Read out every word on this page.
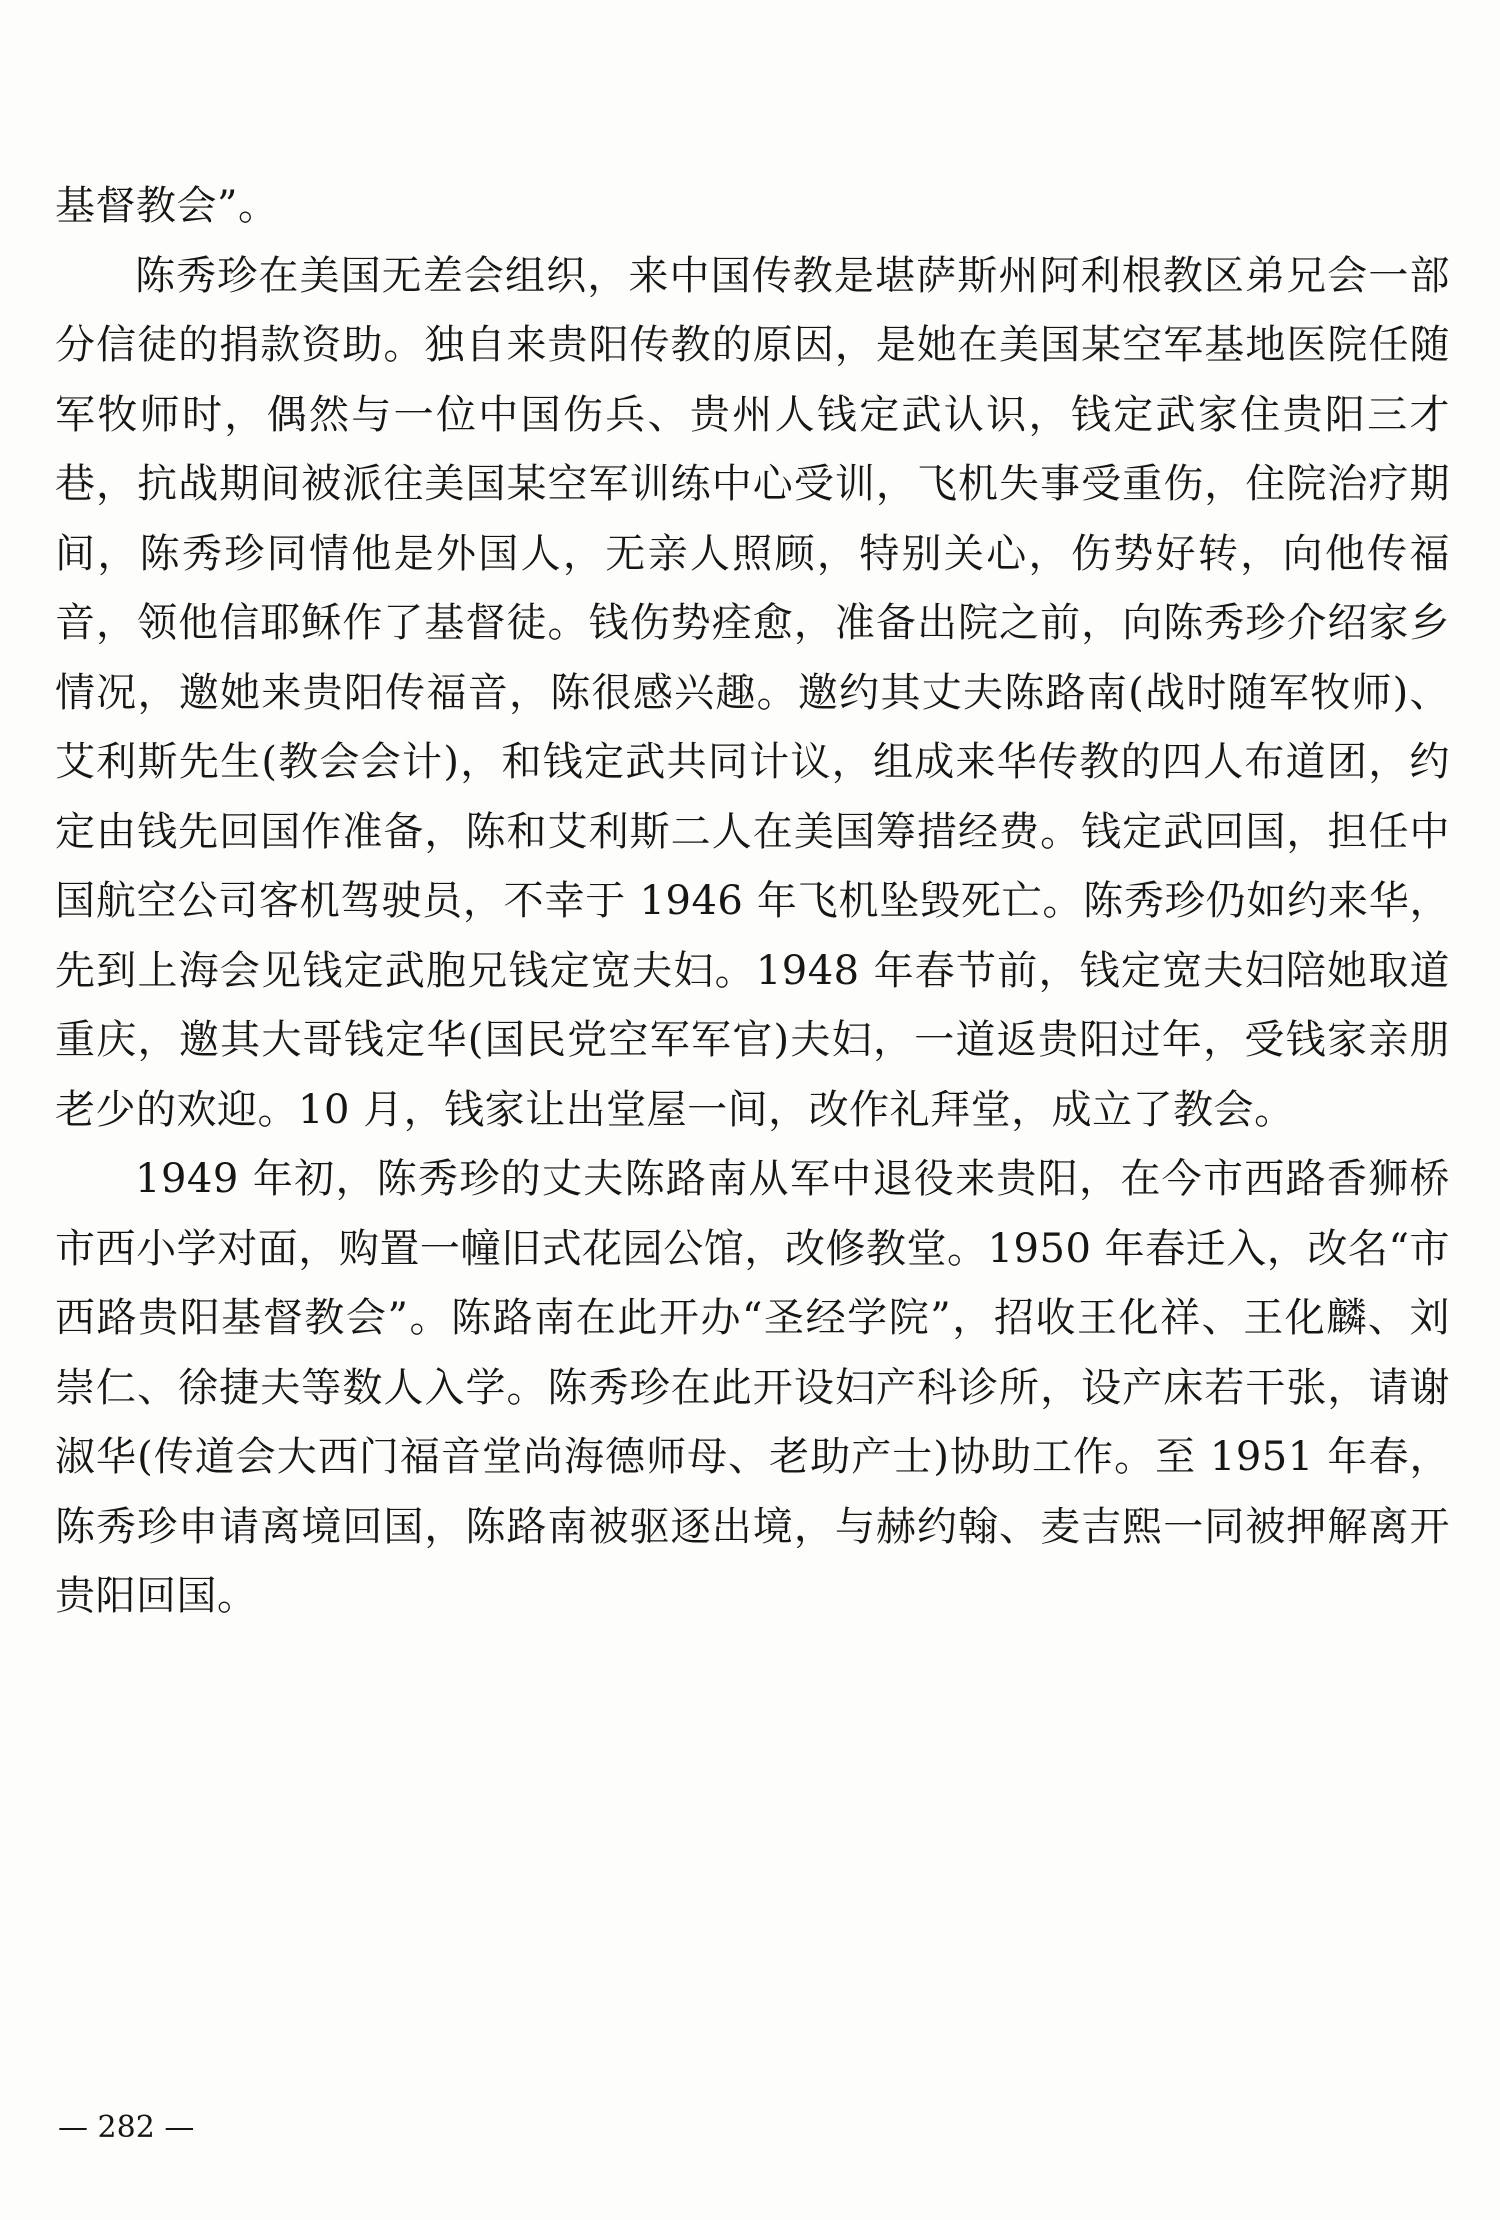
基督教会”。

陈秀珍在美国无差会组织，来中国传教是堪萨斯州阿利根教区弟兄会一部分信徒的捐款资助。独自来贵阳传教的原因，是她在美国某空军基地医院任随军牧师时，偶然与一位中国伤兵、贵州人钱定武认识，钱定武家住贵阳三才巷，抗战期间被派往美国某空军训练中心受训，飞机失事受重伤，住院治疗期间，陈秀珍同情他是外国人，无亲人照顾，特别关心，伤势好转，向他传福音，领他信耶稣作了基督徒。钱伤势痊愈，准备出院之前，向陈秀珍介绍家乡情况，邀她来贵阳传福音，陈很感兴趣。邀约其丈夫陈路南(战时随军牧师)、艾利斯先生(教会会计)，和钱定武共同计议，组成来华传教的四人布道团，约定由钱先回国作准备，陈和艾利斯二人在美国筹措经费。钱定武回国，担任中国航空公司客机驾驶员，不幸于 1946 年飞机坠毁死亡。陈秀珍仍如约来华，先到上海会见钱定武胞兄钱定宽夫妇。1948 年春节前，钱定宽夫妇陪她取道重庆，邀其大哥钱定华(国民党空军军官)夫妇，一道返贵阳过年，受钱家亲朋老少的欢迎。10 月，钱家让出堂屋一间，改作礼拜堂，成立了教会。

1949 年初，陈秀珍的丈夫陈路南从军中退役来贵阳，在今市西路香狮桥市西小学对面，购置一幢旧式花园公馆，改修教堂。1950 年春迁入，改名“市西路贵阳基督教会”。陈路南在此开办“圣经学院”，招收王化祥、王化麟、刘崇仁、徐捷夫等数人入学。陈秀珍在此开设妇产科诊所，设产床若干张，请谢淑华(传道会大西门福音堂尚海德师母、老助产士)协助工作。至 1951 年春，陈秀珍申请离境回国，陈路南被驱逐出境，与赫约翰、麦吉熙一同被押解离开贵阳回国。

— 282 —
